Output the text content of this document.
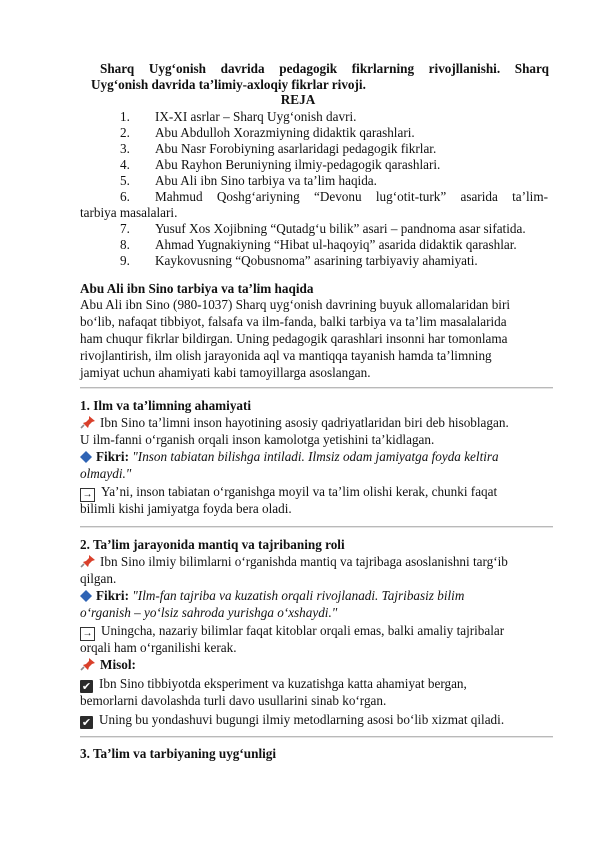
Sharq Uyg‘onish davrida pedagogik fikrlarning rivojllanishi. Sharq
Uyg‘onish davrida ta’limiy-axloqiy fikrlar rivoji.
REJA
1. IX-XI asrlar – Sharq Uyg‘onish davri.
2. Abu Abdulloh Xorazmiyning didaktik qarashlari.
3. Abu Nasr Forobiyning asarlaridagi pedagogik fikrlar.
4. Abu Rayhon Beruniyning ilmiy-pedagogik qarashlari.
5. Abu Ali ibn Sino tarbiya va ta’lim haqida.
6. Mahmud Qoshg‘ariyning “Devonu lug‘otit-turk” asarida ta’lim-
tarbiya masalalari.
7. Yusuf Xos Xojibning “Qutadg‘u bilik” asari – pandnoma asar sifatida.
8. Ahmad Yugnakiyning “Hibat ul-haqoyiq” asarida didaktik qarashlar.
9. Kaykovusning “Qobusnoma” asarining tarbiyaviy ahamiyati.
Abu Ali ibn Sino tarbiya va ta’lim haqida
Abu Ali ibn Sino (980-1037) Sharq uyg‘onish davrining buyuk allomalaridan biri
bo‘lib, nafaqat tibbiyot, falsafa va ilm-fanda, balki tarbiya va ta’lim masalalarida
ham chuqur fikrlar bildirgan. Uning pedagogik qarashlari insonni har tomonlama
rivojlantirish, ilm olish jarayonida aql va mantiqqa tayanish hamda ta’limning
jamiyat uchun ahamiyati kabi tamoyillarga asoslangan.
1. Ilm va ta’limning ahamiyati
Ibn Sino ta’limni inson hayotining asosiy qadriyatlaridan biri deb hisoblagan.
U ilm-fanni o‘rganish orqali inson kamolotga yetishini ta’kidlagan.
Fikri: "Inson tabiatan bilishga intiladi. Ilmsiz odam jamiyatga foyda keltira
olmaydi."
→ Ya’ni, inson tabiatan o‘rganishga moyil va ta’lim olishi kerak, chunki faqat
bilimli kishi jamiyatga foyda bera oladi.
2. Ta’lim jarayonida mantiq va tajribaning roli
Ibn Sino ilmiy bilimlarni o‘rganishda mantiq va tajribaga asoslanishni targ‘ib
qilgan.
Fikri: "Ilm-fan tajriba va kuzatish orqali rivojlanadi. Tajribasiz bilim
o‘rganish – yo‘lsiz sahroda yurishga o‘xshaydi."
→ Uningcha, nazariy bilimlar faqat kitoblar orqali emas, balki amaliy tajribalar
orqali ham o‘rganilishi kerak.
Misol:
✔ Ibn Sino tibbiyotda eksperiment va kuzatishga katta ahamiyat bergan,
bemorlarni davolashda turli davo usullarini sinab ko‘rgan.
✔ Uning bu yondashuvi bugungi ilmiy metodlarning asosi bo‘lib xizmat qiladi.
3. Ta’lim va tarbiyaning uyg‘unligi
